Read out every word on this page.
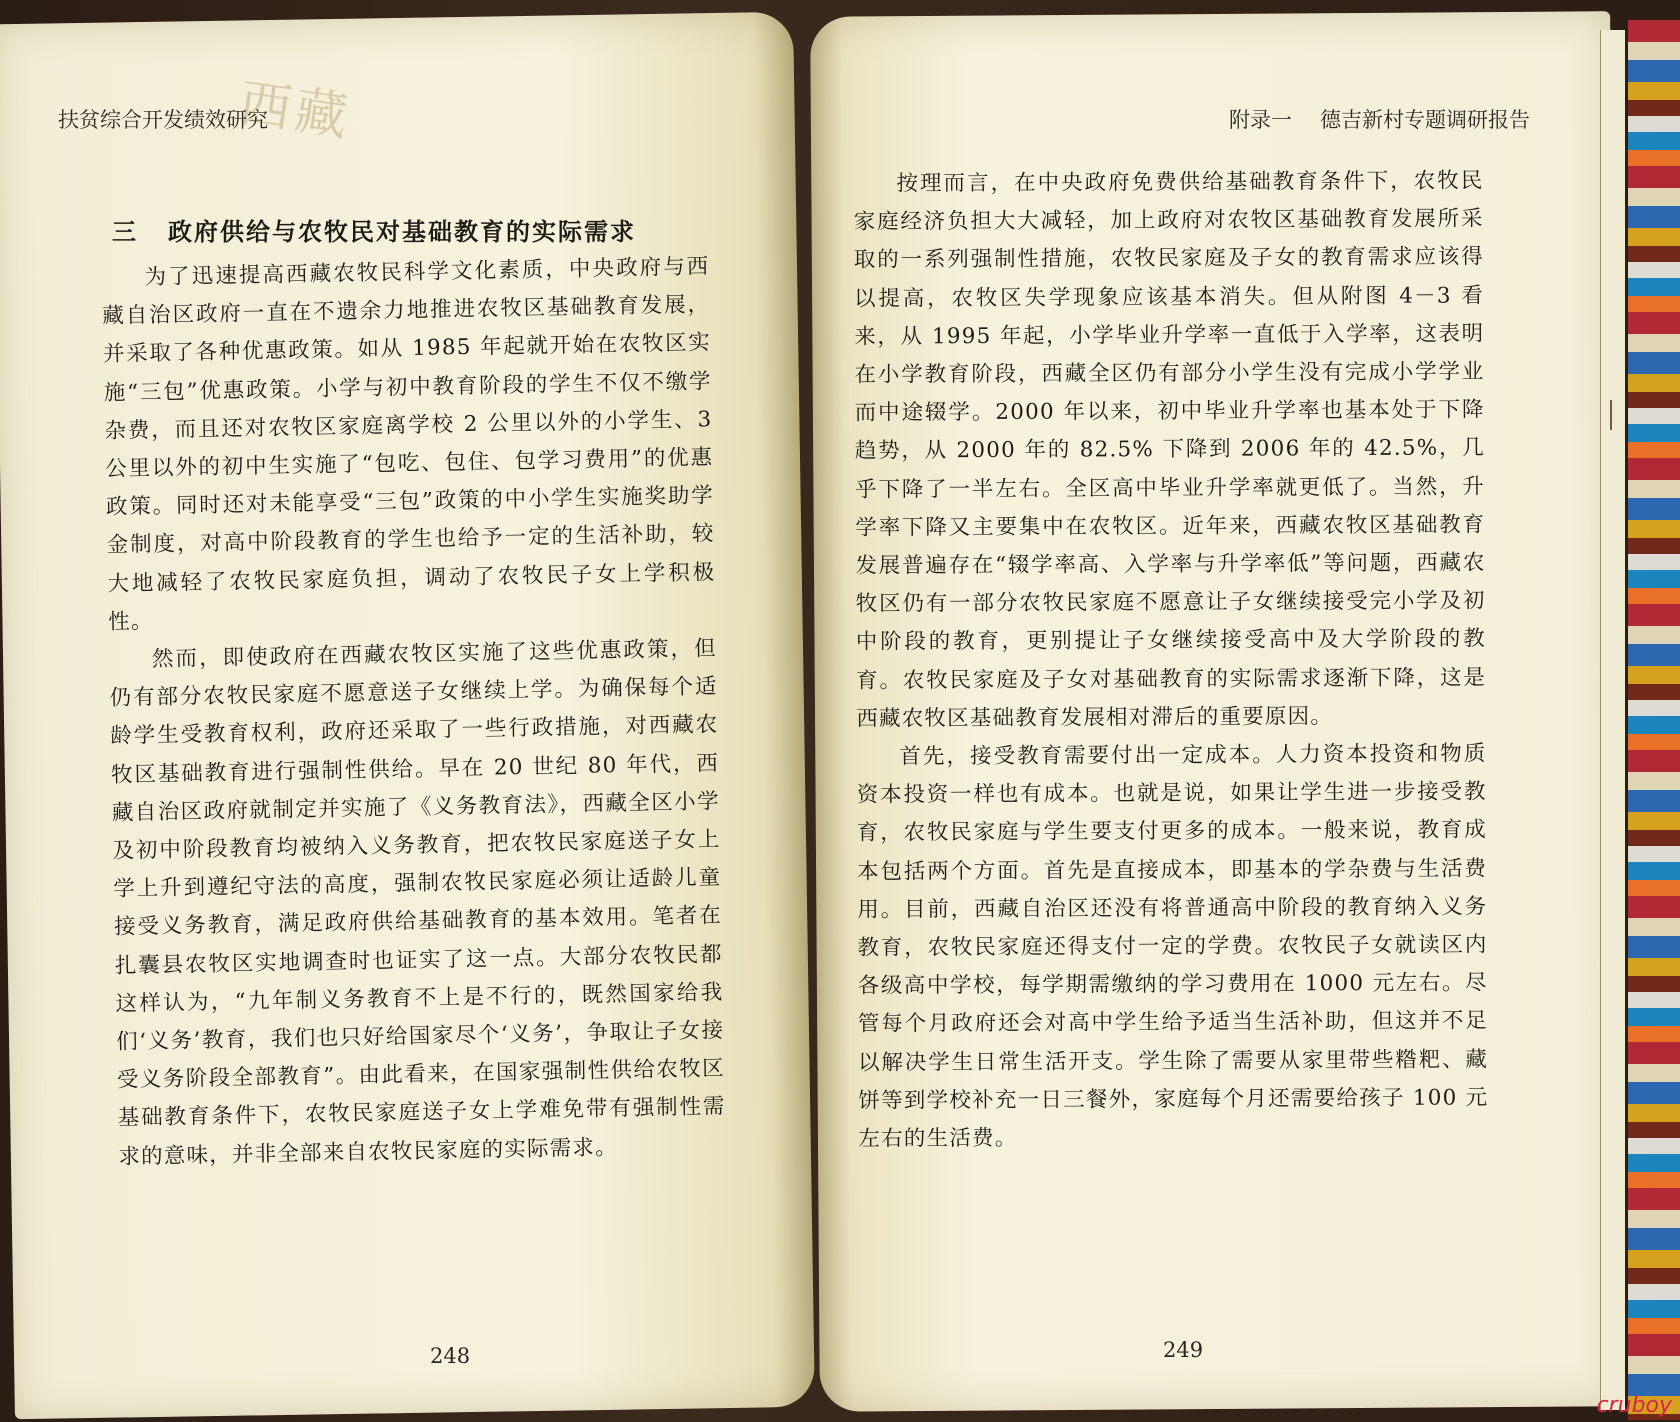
西藏
扶贫综合开发绩效研究	附录一 德吉新村专题调研报告
三 政府供给与农牧民对基础教育的实际需求

为了迅速提高西藏农牧民科学文化素质，中央政府与西藏自治区政府一直在不遗余力地推进农牧区基础教育发展，并采取了各种优惠政策。如从 1985 年起就开始在农牧区实施“三包”优惠政策。小学与初中教育阶段的学生不仅不缴学杂费，而且还对农牧区家庭离学校 2 公里以外的小学生、3 公里以外的初中生实施了“包吃、包住、包学习费用”的优惠政策。同时还对未能享受“三包”政策的中小学生实施奖助学金制度，对高中阶段教育的学生也给予一定的生活补助，较大地减轻了农牧民家庭负担，调动了农牧民子女上学积极性。

然而，即使政府在西藏农牧区实施了这些优惠政策，但仍有部分农牧民家庭不愿意送子女继续上学。为确保每个适龄学生受教育权利，政府还采取了一些行政措施，对西藏农牧区基础教育进行强制性供给。早在 20 世纪 80 年代，西藏自治区政府就制定并实施了《义务教育法》，西藏全区小学及初中阶段教育均被纳入义务教育，把农牧民家庭送子女上学上升到遵纪守法的高度，强制农牧民家庭必须让适龄儿童接受义务教育，满足政府供给基础教育的基本效用。笔者在扎囊县农牧区实地调查时也证实了这一点。大部分农牧民都这样认为，“九年制义务教育不上是不行的，既然国家给我们‘义务’教育，我们也只好给国家尽个‘义务’，争取让子女接受义务阶段全部教育”。由此看来，在国家强制性供给农牧区基础教育条件下，农牧民家庭送子女上学难免带有强制性需求的意味，并非全部来自农牧民家庭的实际需求。

按理而言，在中央政府免费供给基础教育条件下，农牧民家庭经济负担大大减轻，加上政府对农牧区基础教育发展所采取的一系列强制性措施，农牧民家庭及子女的教育需求应该得以提高，农牧区失学现象应该基本消失。但从附图 4－3 看来，从 1995 年起，小学毕业升学率一直低于入学率，这表明在小学教育阶段，西藏全区仍有部分小学生没有完成小学学业而中途辍学。2000 年以来，初中毕业升学率也基本处于下降趋势，从 2000 年的 82.5% 下降到 2006 年的 42.5%，几乎下降了一半左右。全区高中毕业升学率就更低了。当然，升学率下降又主要集中在农牧区。近年来，西藏农牧区基础教育发展普遍存在“辍学率高、入学率与升学率低”等问题，西藏农牧区仍有一部分农牧民家庭不愿意让子女继续接受完小学及初中阶段的教育，更别提让子女继续接受高中及大学阶段的教育。农牧民家庭及子女对基础教育的实际需求逐渐下降，这是西藏农牧区基础教育发展相对滞后的重要原因。

首先，接受教育需要付出一定成本。人力资本投资和物质资本投资一样也有成本。也就是说，如果让学生进一步接受教育，农牧民家庭与学生要支付更多的成本。一般来说，教育成本包括两个方面。首先是直接成本，即基本的学杂费与生活费用。目前，西藏自治区还没有将普通高中阶段的教育纳入义务教育，农牧民家庭还得支付一定的学费。农牧民子女就读区内各级高中学校，每学期需缴纳的学习费用在 1000 元左右。尽管每个月政府还会对高中学生给予适当生活补助，但这并不足以解决学生日常生活开支。学生除了需要从家里带些糌粑、藏饼等到学校补充一日三餐外，家庭每个月还需要给孩子 100 元左右的生活费。

248	249
cruboy
